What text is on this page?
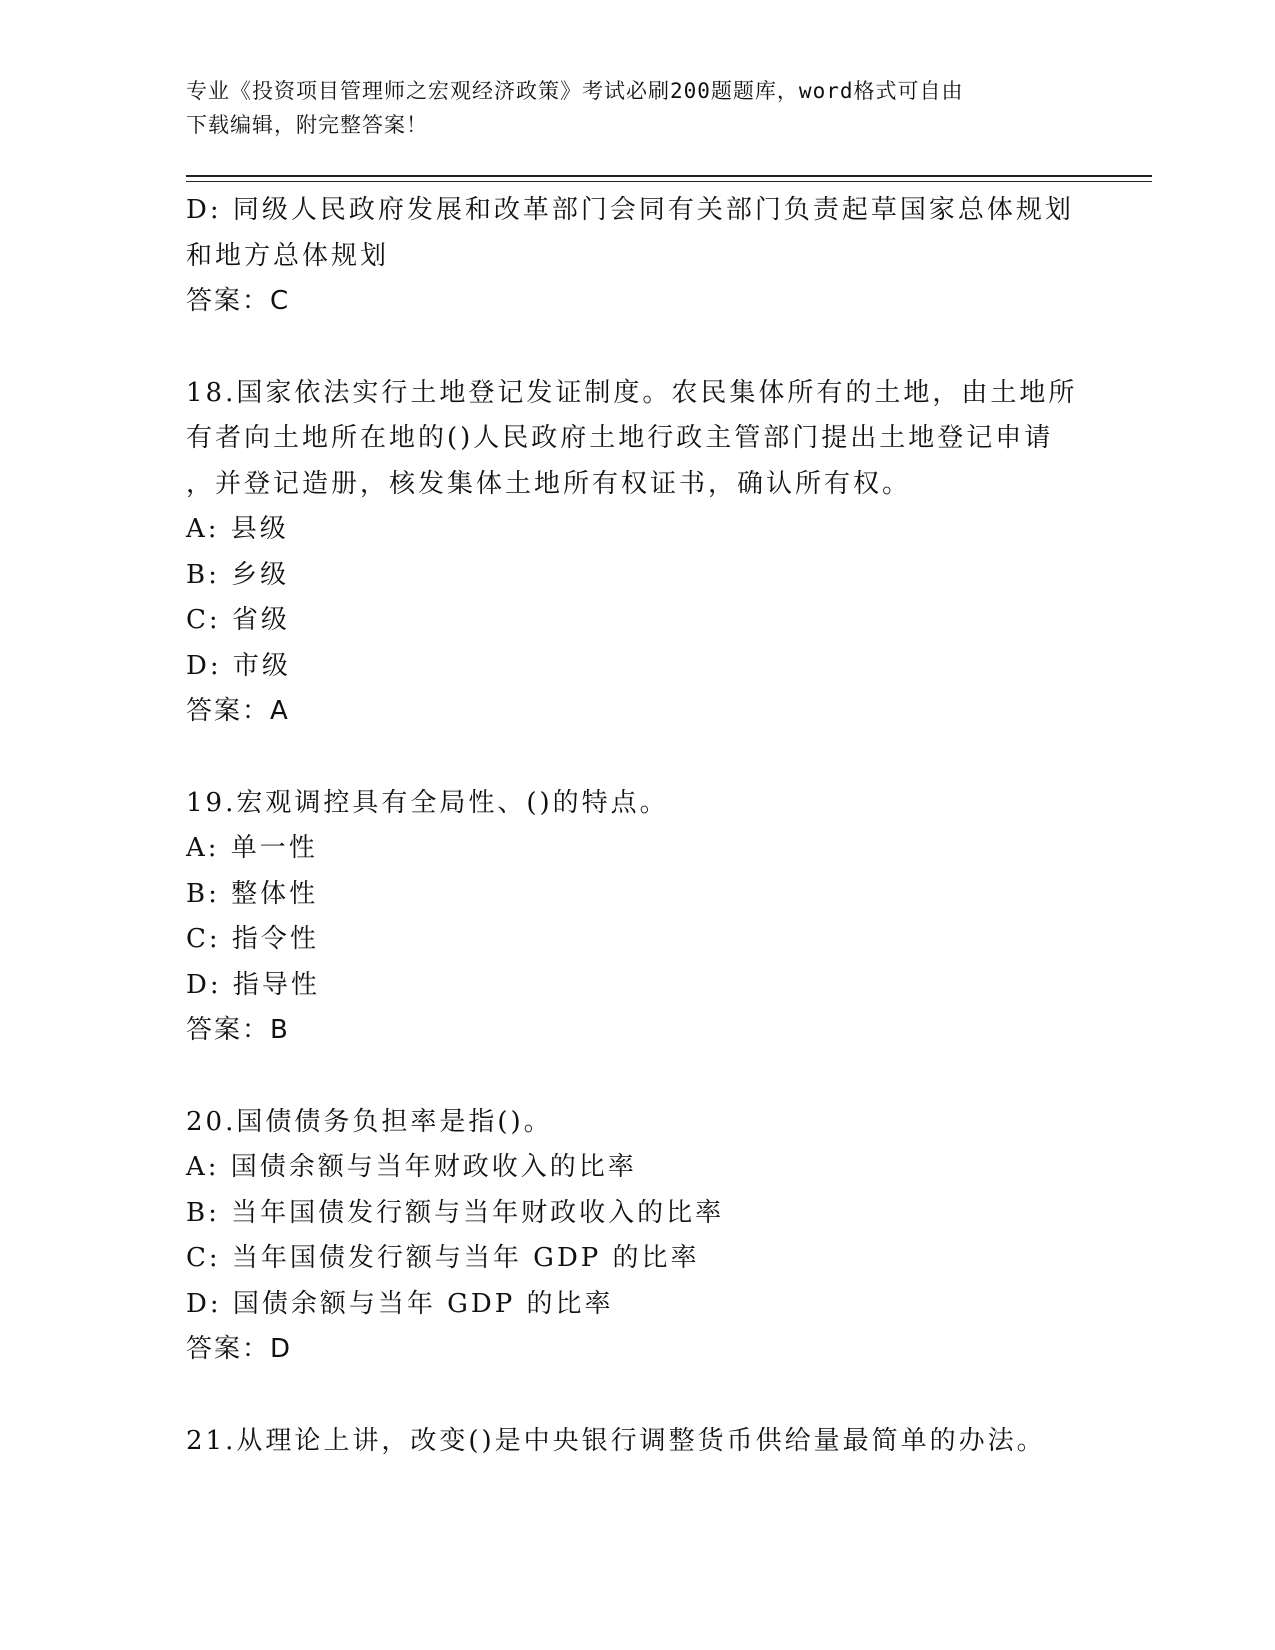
专业《投资项目管理师之宏观经济政策》考试必刷200题题库，word格式可自由
下载编辑，附完整答案！
D: 同级人民政府发展和改革部门会同有关部门负责起草国家总体规划
和地方总体规划
答案：C
18.国家依法实行土地登记发证制度。农民集体所有的土地，由土地所
有者向土地所在地的()人民政府土地行政主管部门提出土地登记申请
，并登记造册，核发集体土地所有权证书，确认所有权。
A: 县级
B: 乡级
C: 省级
D: 市级
答案：A
19.宏观调控具有全局性、()的特点。
A: 单一性
B: 整体性
C: 指令性
D: 指导性
答案：B
20.国债债务负担率是指()。
A: 国债余额与当年财政收入的比率
B: 当年国债发行额与当年财政收入的比率
C: 当年国债发行额与当年 GDP 的比率
D: 国债余额与当年 GDP 的比率
答案：D
21.从理论上讲，改变()是中央银行调整货币供给量最简单的办法。
